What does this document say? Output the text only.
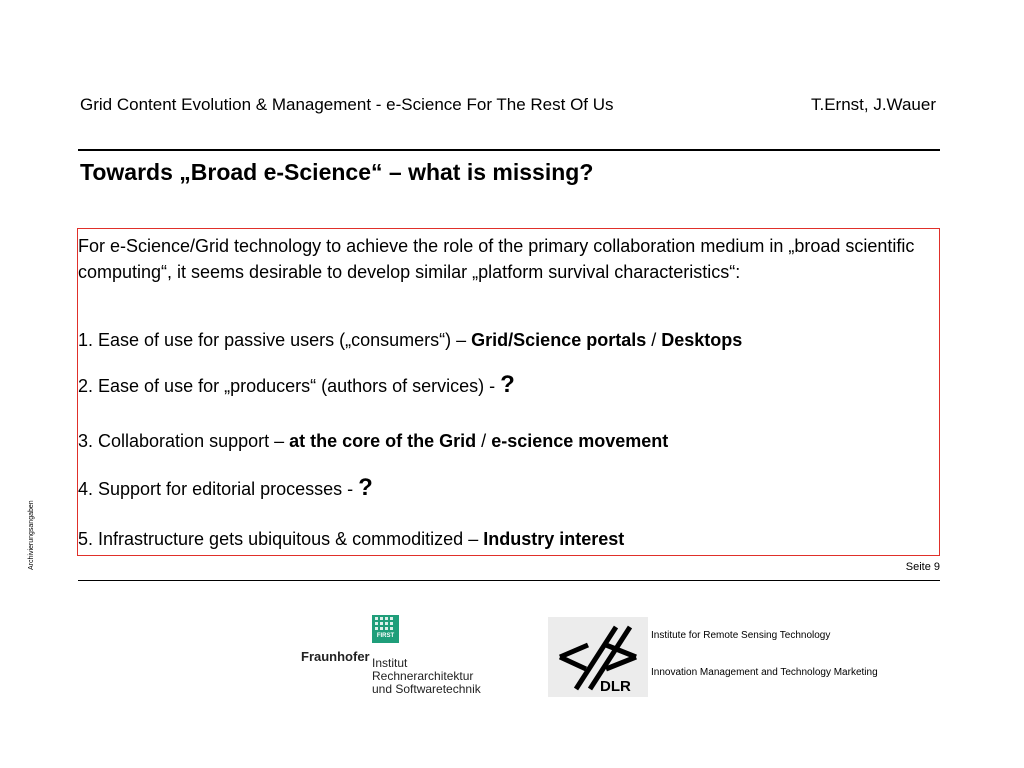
Grid Content Evolution & Management - e-Science For The Rest Of Us	T.Ernst, J.Wauer
Towards „Broad e-Science“ – what is missing?
For e-Science/Grid technology to achieve the role of the primary collaboration medium in „broad scientific computing“, it seems desirable to develop similar „platform survival characteristics“:
1. Ease of use for passive users („consumers“) – Grid/Science portals / Desktops
2. Ease of use for „producers“ (authors of services) - ?
3. Collaboration support – at the core of the Grid / e-science movement
4. Support for editorial processes - ?
5. Infrastructure gets ubiquitous & commoditized – Industry interest
Seite 9
Archivierungsangaben
Fraunhofer
FIRST
Institut
Rechnerarchitektur
und Softwaretechnik	DLR
Institute for Remote Sensing Technology
Innovation Management and Technology Marketing
